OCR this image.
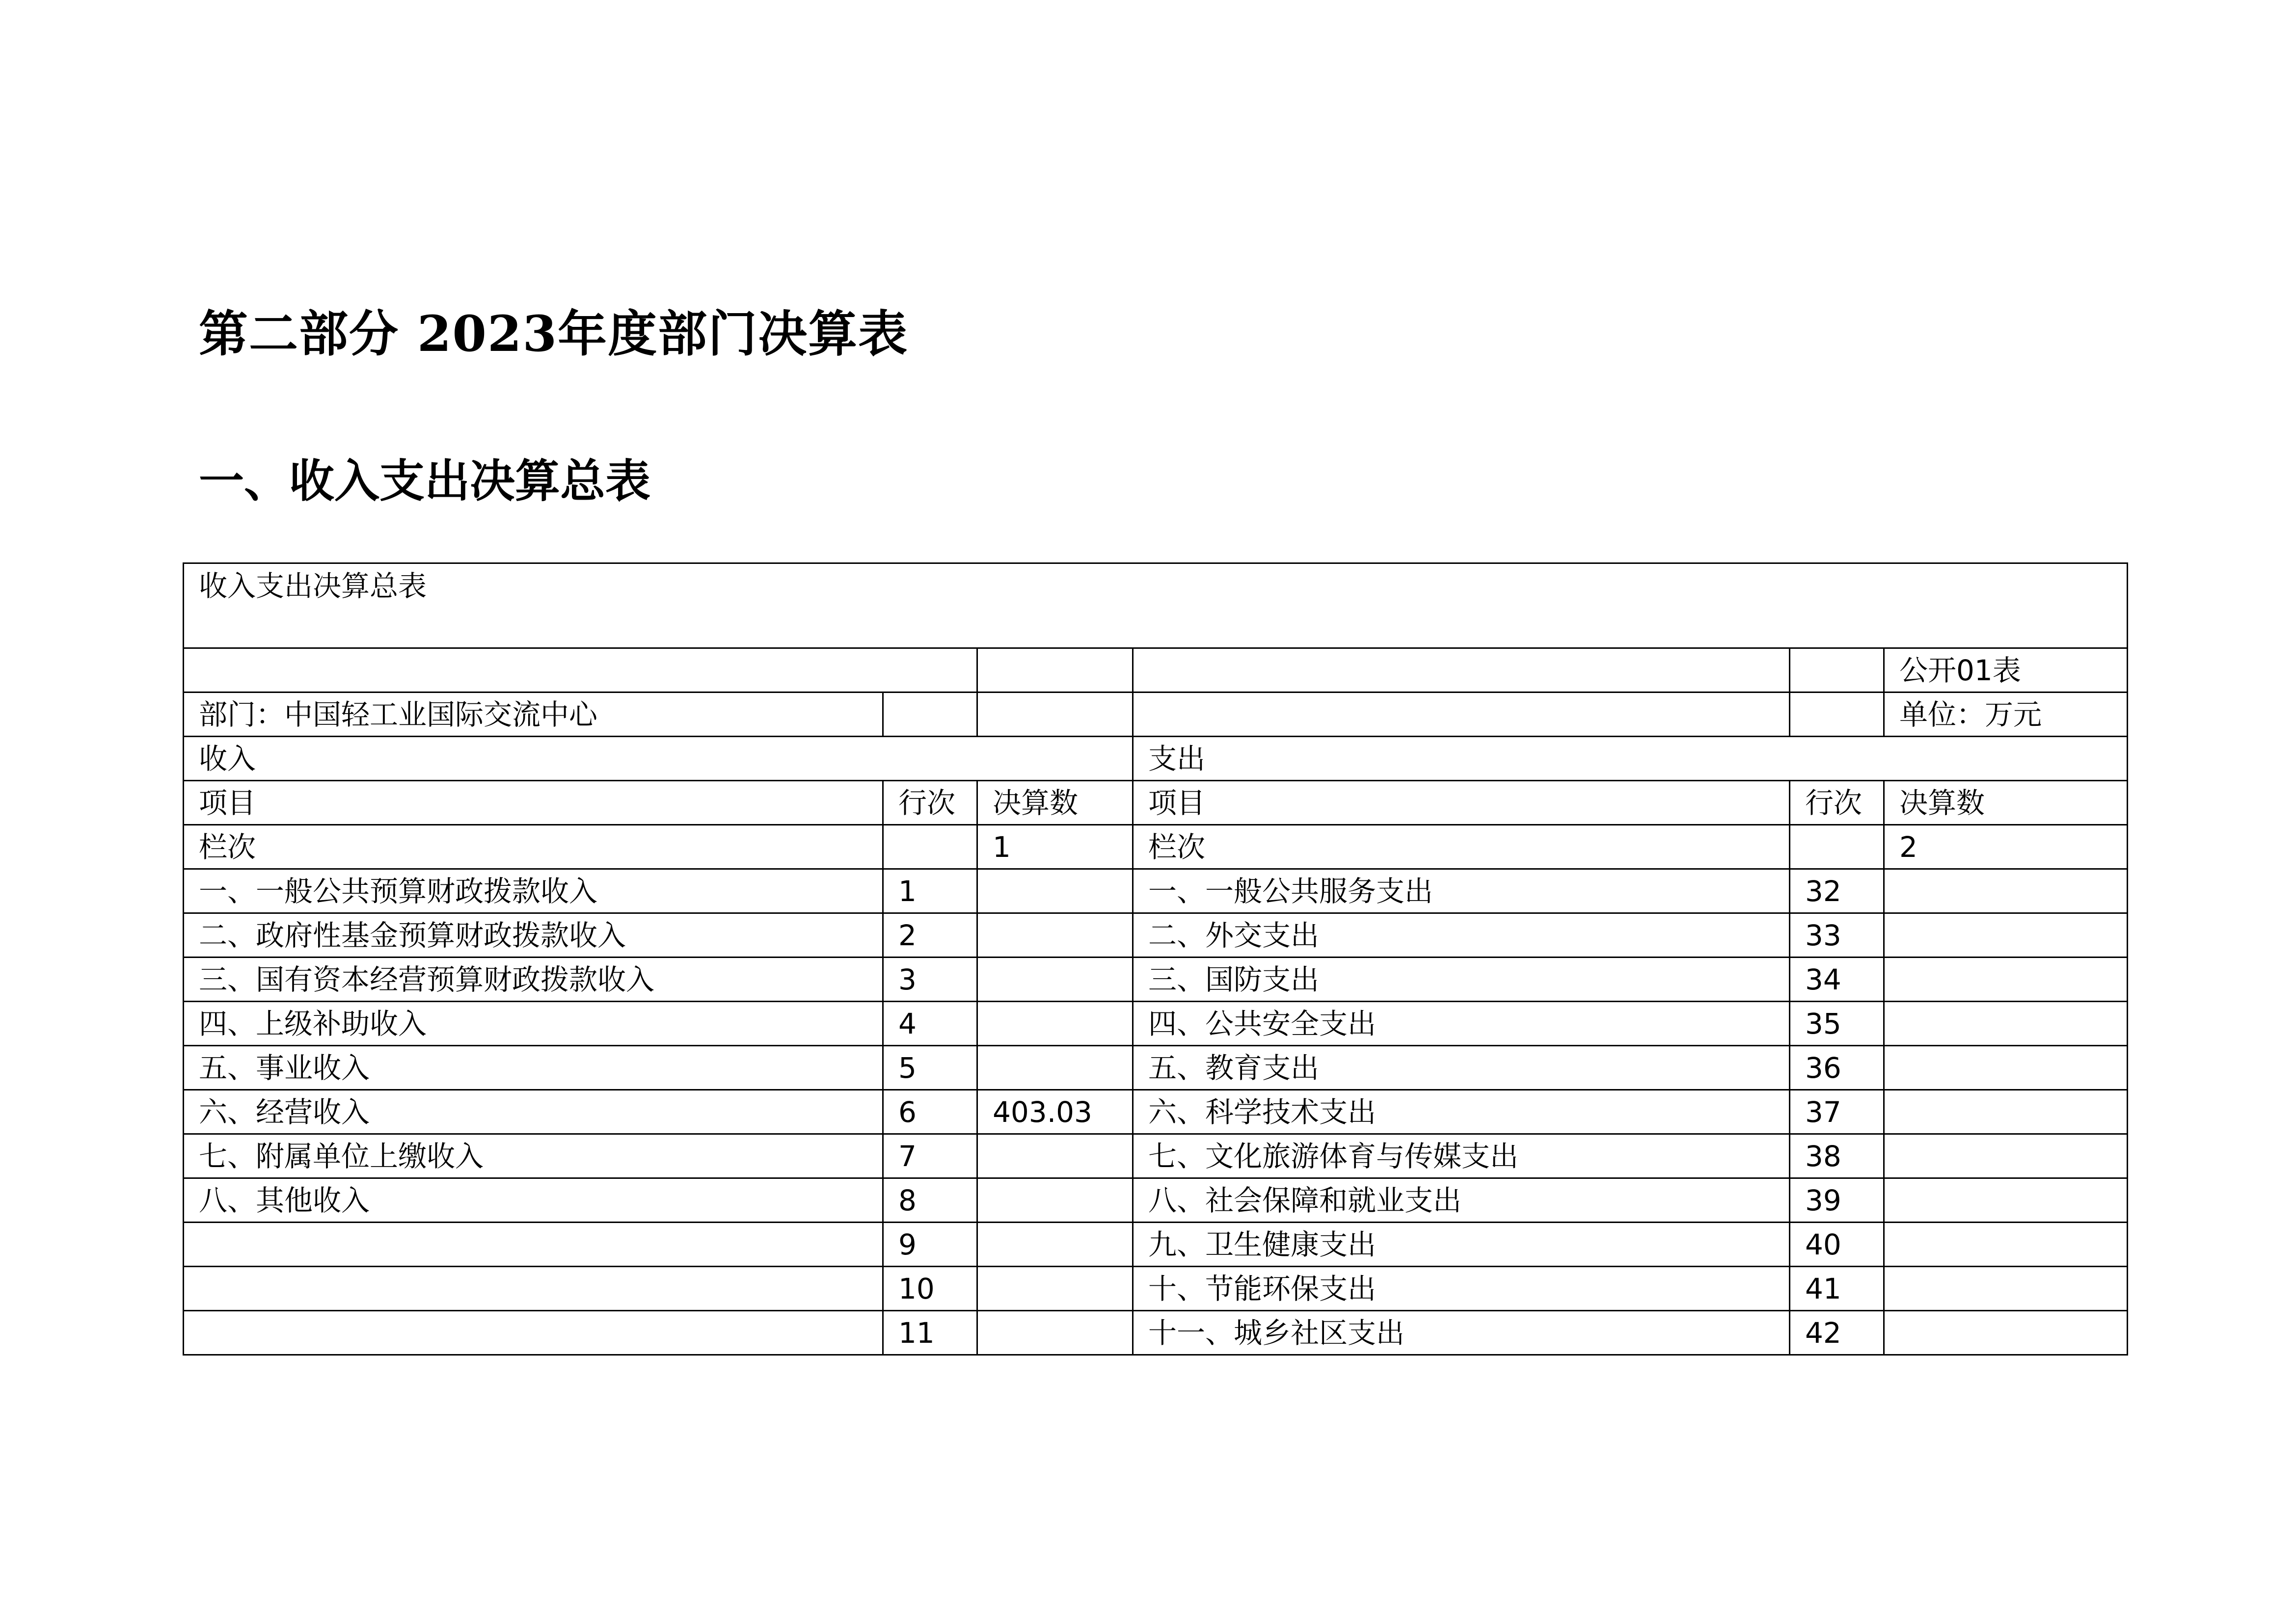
第二部分 2023年度部门决算表
一、收入支出决算总表
收入支出决算总表					
					公开01表
部门：中国轻工业国际交流中心					单位：万元
收入			支出		
项目	行次	决算数	项目	行次	决算数
栏次		1	栏次		2
一、一般公共预算财政拨款收入	1		一、一般公共服务支出	32	
二、政府性基金预算财政拨款收入	2		二、外交支出	33	
三、国有资本经营预算财政拨款收入	3		三、国防支出	34	
四、上级补助收入	4		四、公共安全支出	35	
五、事业收入	5		五、教育支出	36	
六、经营收入	6	403.03	六、科学技术支出	37	
七、附属单位上缴收入	7		七、文化旅游体育与传媒支出	38	
八、其他收入	8		八、社会保障和就业支出	39	
	9		九、卫生健康支出	40	
	10		十、节能环保支出	41	
	11		十一、城乡社区支出	42	
